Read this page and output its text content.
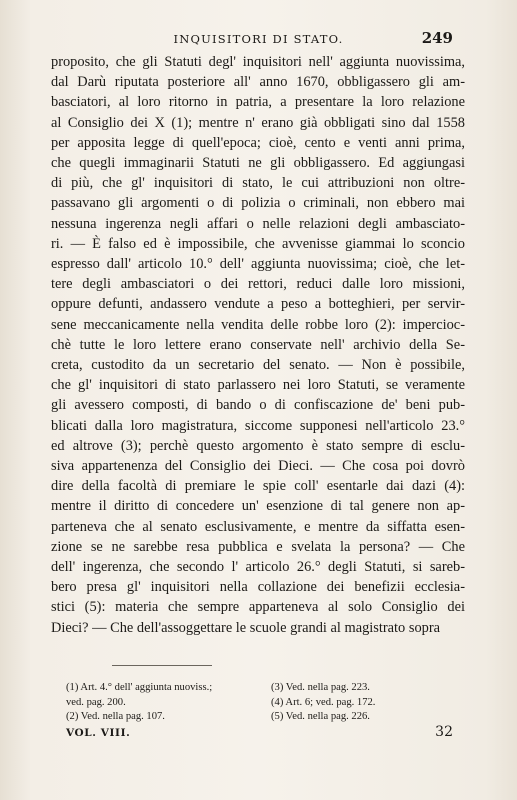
INQUISITORI DI STATO.	249
proposito, che gli Statuti degl' inquisitori nell' aggiunta nuovissima,
dal Darù riputata posteriore all' anno 1670, obbligassero gli am-
basciatori, al loro ritorno in patria, a presentare la loro relazione
al Consiglio dei X (1); mentre n' erano già obbligati sino dal 1558
per apposita legge di quell'epoca; cioè, cento e venti anni prima,
che quegli immaginarii Statuti ne gli obbligassero. Ed aggiungasi
di più, che gl' inquisitori di stato, le cui attribuzioni non oltre-
passavano gli argomenti o di polizia o criminali, non ebbero mai
nessuna ingerenza negli affari o nelle relazioni degli ambasciato-
ri. — È falso ed è impossibile, che avvenisse giammai lo sconcio
espresso dall' articolo 10.° dell' aggiunta nuovissima; cioè, che let-
tere degli ambasciatori o dei rettori, reduci dalle loro missioni,
oppure defunti, andassero vendute a peso a botteghieri, per servir-
sene meccanicamente nella vendita delle robbe loro (2): impercioc-
chè tutte le loro lettere erano conservate nell' archivio della Se-
creta, custodito da un secretario del senato. — Non è possibile,
che gl' inquisitori di stato parlassero nei loro Statuti, se veramente
gli avessero composti, di bando o di confiscazione de' beni pub-
blicati dalla loro magistratura, siccome supponesi nell'articolo 23.°
ed altrove (3); perchè questo argomento è stato sempre di esclu-
siva appartenenza del Consiglio dei Dieci. — Che cosa poi dovrò
dire della facoltà di premiare le spie coll' esentarle dai dazi (4):
mentre il diritto di concedere un' esenzione di tal genere non ap-
parteneva che al senato esclusivamente, e mentre da siffatta esen-
zione se ne sarebbe resa pubblica e svelata la persona? — Che
dell' ingerenza, che secondo l' articolo 26.° degli Statuti, si sareb-
bero presa gl' inquisitori nella collazione dei benefizii ecclesia-
stici (5): materia che sempre apparteneva al solo Consiglio dei
Dieci? — Che dell'assoggettare le scuole grandi al magistrato sopra
(1) Art. 4.° dell' aggiunta nuoviss.;
ved. pag. 200.
(2) Ved. nella pag. 107.
(3) Ved. nella pag. 223.
(4) Art. 6; ved. pag. 172.
(5) Ved. nella pag. 226.
VOL. VIII.	32
